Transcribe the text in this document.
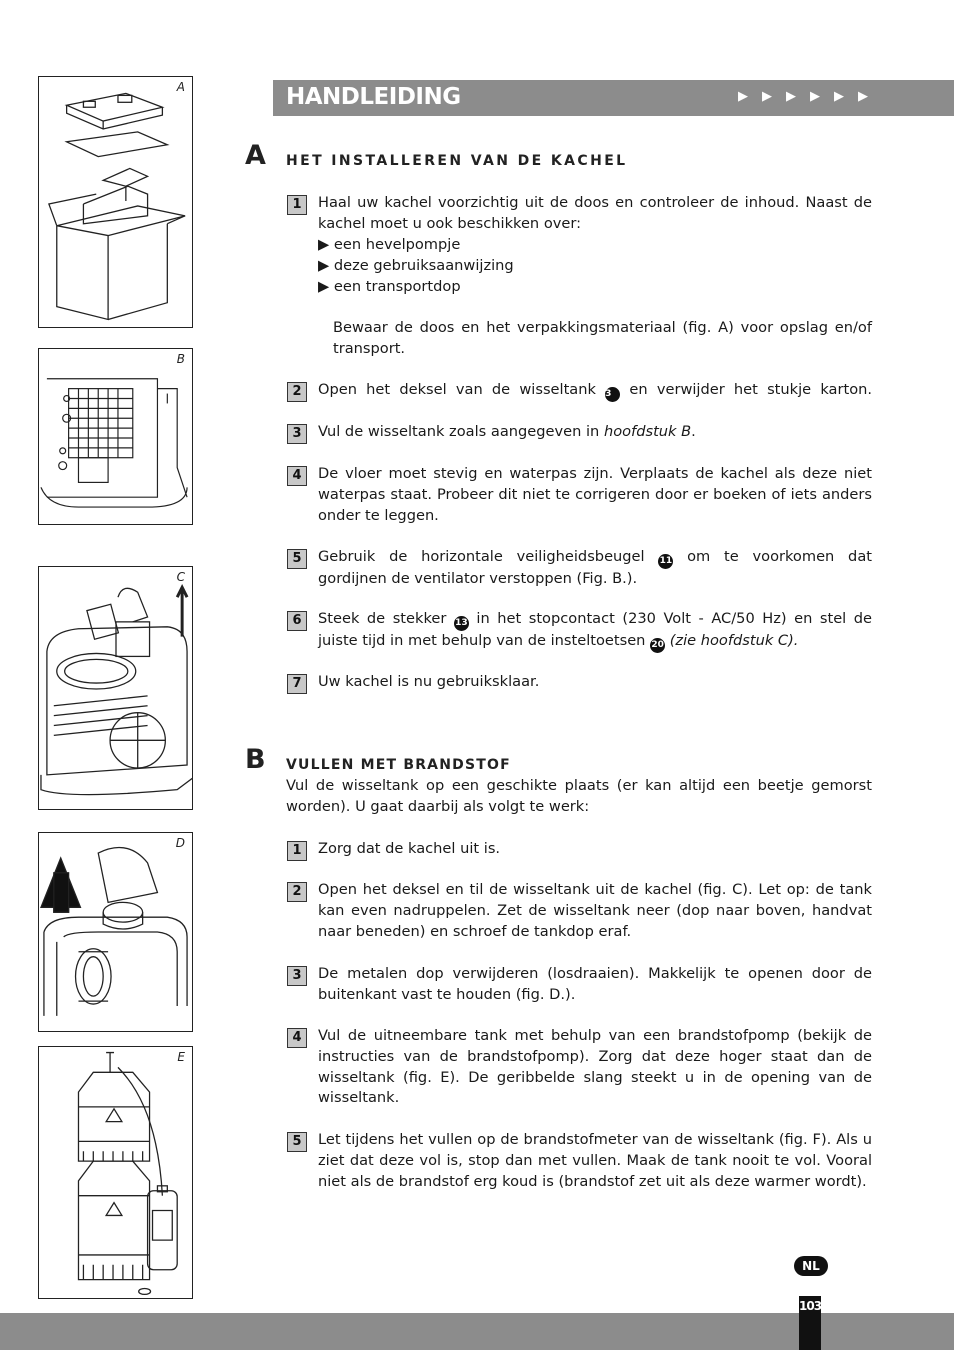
A
B
C
D
E
HANDLEIDING	▶▶▶▶▶▶
A HET INSTALLEREN VAN DE KACHEL
1	Haal uw kachel voorzichtig uit de doos en controleer de inhoud. Naast de kachel moet u ook beschikken over:
▶ een hevelpompje
▶ deze gebruiksaanwijzing
▶ een transportdop
Bewaar de doos en het verpakkingsmateriaal (fig. A) voor opslag en/of transport.
2	Open het deksel van de wisseltank 3 en verwijder het stukje karton.
3	Vul de wisseltank zoals aangegeven in hoofdstuk B.
4	De vloer moet stevig en waterpas zijn. Verplaats de kachel als deze niet waterpas staat. Probeer dit niet te corrigeren door er boeken of iets anders onder te leggen.
5	Gebruik de horizontale veiligheidsbeugel 11 om te voorkomen dat gordijnen de ventilator verstoppen (Fig. B.).
6	Steek de stekker 13 in het stopcontact (230 Volt - AC/50 Hz) en stel de juiste tijd in met behulp van de insteltoetsen 20 (zie hoofdstuk C).
7	Uw kachel is nu gebruiksklaar.
B VULLEN MET BRANDSTOF
Vul de wisseltank op een geschikte plaats (er kan altijd een beetje gemorst worden). U gaat daarbij als volgt te werk:
1	Zorg dat de kachel uit is.
2	Open het deksel en til de wisseltank uit de kachel (fig. C). Let op: de tank kan even nadruppelen. Zet de wisseltank neer (dop naar boven, handvat naar beneden) en schroef de tankdop eraf.
3	De metalen dop verwijderen (losdraaien). Makkelijk te openen door de buitenkant vast te houden (fig. D.).
4	Vul de uitneembare tank met behulp van een brandstofpomp (bekijk de instructies van de brandstofpomp). Zorg dat deze hoger staat dan de wisseltank (fig. E). De geribbelde slang steekt u in de opening van de wisseltank.
5	Let tijdens het vullen op de brandstofmeter van de wisseltank (fig. F). Als u ziet dat deze vol is, stop dan met vullen. Maak de tank nooit te vol. Vooral niet als de brandstof erg koud is (brandstof zet uit als deze warmer wordt).
NL
103
